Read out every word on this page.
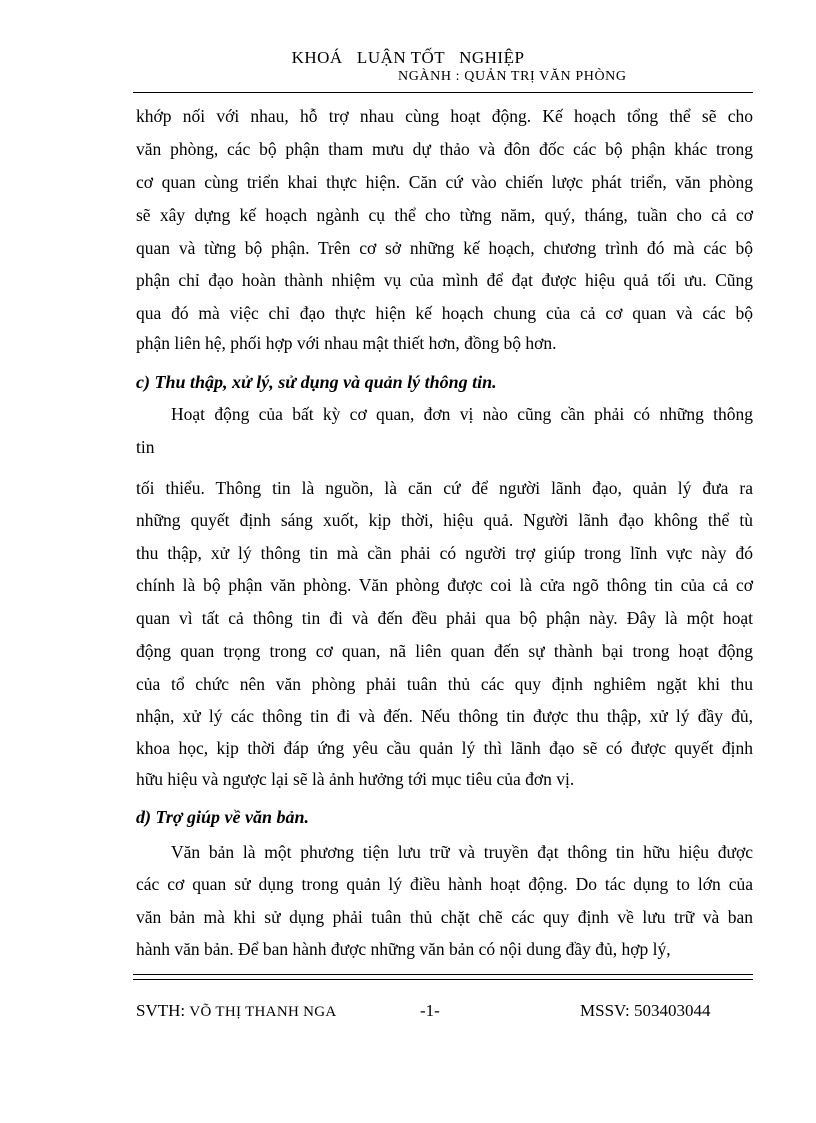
KHOÁ   LUẬN TỐT   NGHIỆP
NGÀNH : QUẢN TRỊ VĂN PHÒNG
khớp nối với nhau, hỗ trợ nhau cùng hoạt động. Kế hoạch tổng thể sẽ cho
văn phòng, các bộ phận tham mưu dự thảo và đôn đốc các bộ phận khác trong
cơ quan cùng triển khai thực hiện. Căn cứ vào chiến lược phát triển, văn phòng
sẽ xây dựng kế hoạch ngành cụ thể cho từng năm, quý, tháng, tuần cho cả cơ
quan và từng bộ phận. Trên cơ sở những kế hoạch, chương trình đó mà các bộ
phận chỉ đạo hoàn thành nhiệm vụ của mình để đạt được hiệu quả tối ưu. Cũng
qua đó mà việc chỉ đạo thực hiện kế hoạch chung của cả cơ quan và các bộ
phận liên hệ, phối hợp với nhau mật thiết hơn, đồng bộ hơn.
c) Thu thập, xử lý, sử dụng và quản lý thông tin.
Hoạt động của bất kỳ cơ quan, đơn vị nào cũng cần phải có những thông
tin
tối thiểu. Thông tin là nguồn, là căn cứ để người lãnh đạo, quản lý đưa ra
những quyết định sáng xuốt, kịp thời, hiệu quả. Người lãnh đạo không thể tù
thu thập, xử lý thông tin mà cần phải có người trợ giúp trong lĩnh vực này đó
chính là bộ phận văn phòng. Văn phòng được coi là cửa ngõ thông tin của cả cơ
quan vì tất cả thông tin đi và đến đều phải qua bộ phận này. Đây là một hoạt
động quan trọng trong cơ quan, nã liên quan đến sự thành bại trong hoạt động
của tổ chức nên văn phòng phải tuân thủ các quy định nghiêm ngặt khi thu
nhận, xử lý các thông tin đi và đến. Nếu thông tin được thu thập, xử lý đầy đủ,
khoa học, kịp thời đáp ứng yêu cầu quản lý thì lãnh đạo sẽ có được quyết định
hữu hiệu và ngược lại sẽ là ảnh hưởng tới mục tiêu của đơn vị.
d) Trợ giúp về văn bản.
Văn bản là một phương tiện lưu trữ và truyền đạt thông tin hữu hiệu được
các cơ quan sử dụng trong quản lý điều hành hoạt động. Do tác dụng to lớn của
văn bản mà khi sử dụng phải tuân thủ chặt chẽ các quy định về lưu trữ và ban
hành văn bản. Để ban hành được những văn bản có nội dung đầy đủ, hợp lý,
SVTH: VÕ THỊ THANH NGA	-1-	MSSV: 503403044
